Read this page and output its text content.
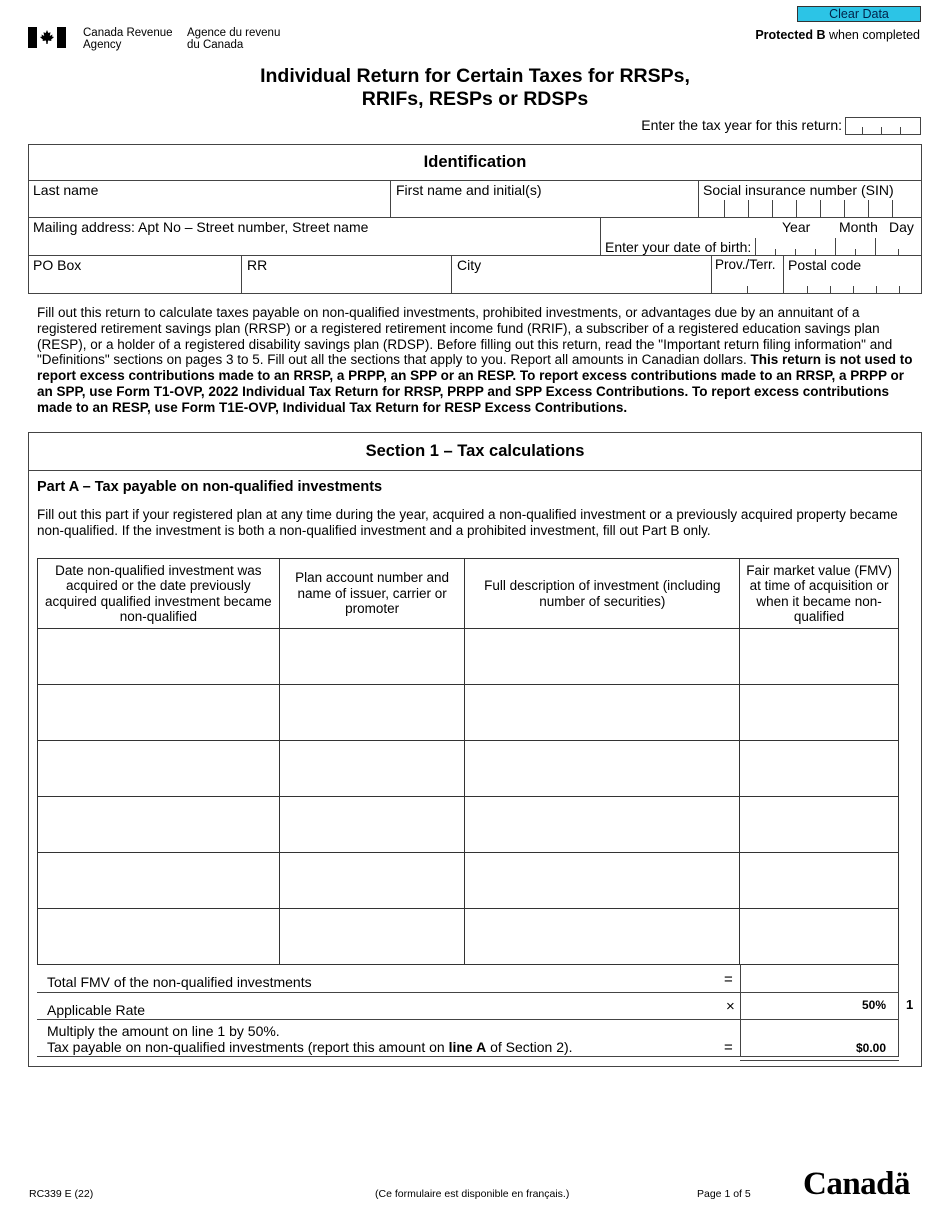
Canada Revenue
Agency
Agence du revenu
du Canada
Clear Data
Protected B when completed
Individual Return for Certain Taxes for RRSPs,
RRIFs, RESPs or RDSPs
Enter the tax year for this return:
Identification
Last name	First name and initial(s)	Social insurance number (SIN)
Mailing address: Apt No – Street number, Street name	Year Month Day
Enter your date of birth:
PO Box	RR	City	Prov./Terr. Postal code
Fill out this return to calculate taxes payable on non-qualified investments, prohibited investments, or advantages due by an annuitant of a registered retirement savings plan (RRSP) or a registered retirement income fund (RRIF), a subscriber of a registered education savings plan (RESP), or a holder of a registered disability savings plan (RDSP). Before filling out this return, read the "Important return filing information" and "Definitions" sections on pages 3 to 5. Fill out all the sections that apply to you. Report all amounts in Canadian dollars. This return is not used to report excess contributions made to an RRSP, a PRPP, an SPP or an RESP. To report excess contributions made to an RRSP, a PRPP or an SPP, use Form T1-OVP, 2022 Individual Tax Return for RRSP, PRPP and SPP Excess Contributions. To report excess contributions made to an RESP, use Form T1E-OVP, Individual Tax Return for RESP Excess Contributions.
Section 1 – Tax calculations
Part A – Tax payable on non-qualified investments
Fill out this part if your registered plan at any time during the year, acquired a non-qualified investment or a previously acquired property became non-qualified. If the investment is both a non-qualified investment and a prohibited investment, fill out Part B only.
Date non-qualified investment was acquired or the date previously acquired qualified investment became non-qualified	Plan account number and name of issuer, carrier or promoter	Full description of investment (including number of securities)	Fair market value (FMV) at time of acquisition or when it became non-qualified

Total FMV of the non-qualified investments	=
Applicable Rate	×	50%	1
Multiply the amount on line 1 by 50%.
Tax payable on non-qualified investments (report this amount on line A of Section 2).	=	$0.00
RC339 E (22)	(Ce formulaire est disponible en français.)	Page 1 of 5 Canadä
